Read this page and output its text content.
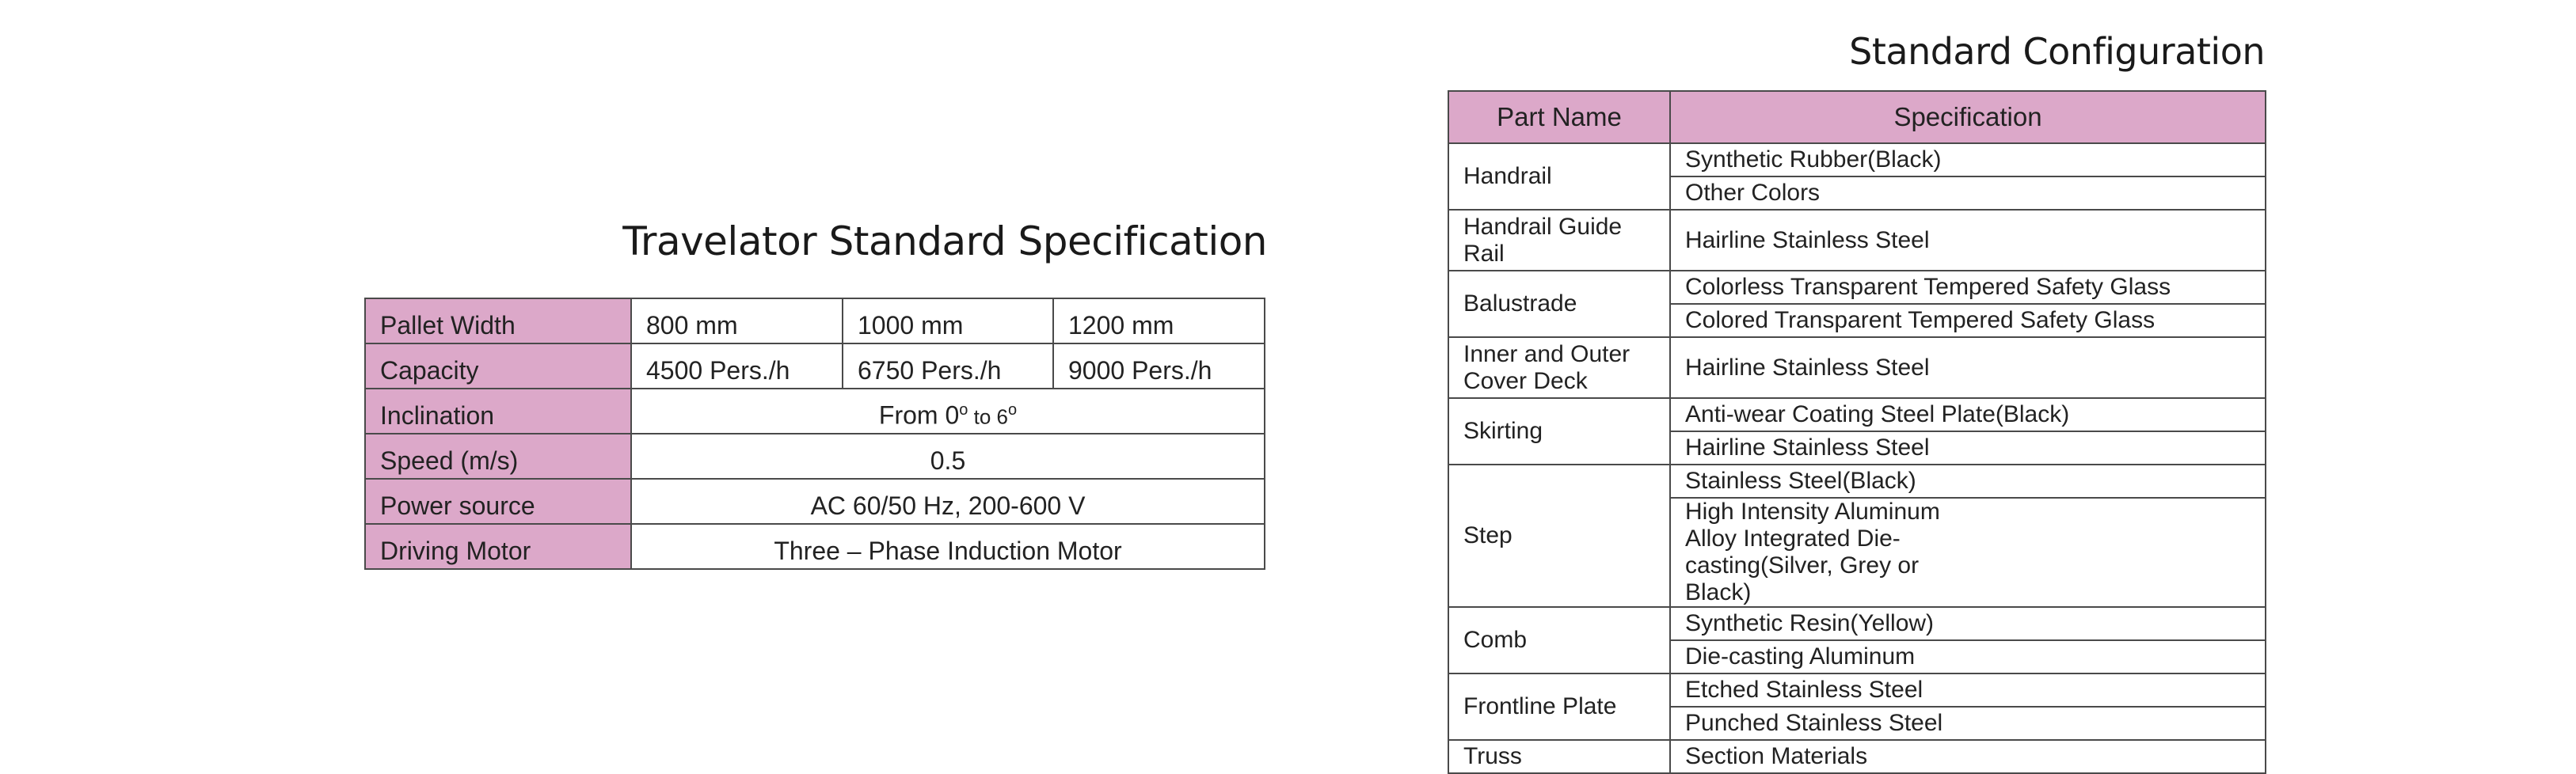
Travelator Standard Specification
Pallet Width	800 mm	1000 mm	1200 mm
Capacity	4500 Pers./h	6750 Pers./h	9000 Pers./h
Inclination	From 0$^o$ to 6$^o$
Speed (m/s)	0.5		
Power source	AC 60/50 Hz, 200-600 V		
Driving Motor	Three – Phase Induction Motor		
Standard Configuration
Part Name	Specification
Handrail	Synthetic Rubber(Black)
	Other Colors
Handrail Guide Rail	Hairline Stainless Steel
Balustrade	Colorless Transparent Tempered Safety Glass
	Colored Transparent Tempered Safety Glass
Inner and Outer Cover Deck	Hairline Stainless Steel
Skirting	Anti-wear Coating Steel Plate(Black)
	Hairline Stainless Steel
Step	Stainless Steel(Black)
	High Intensity Aluminum Alloy Integrated Die- casting(Silver, Grey or Black)
Comb	Synthetic Resin(Yellow)
	Die-casting Aluminum
Frontline Plate	Etched Stainless Steel
	Punched Stainless Steel
Truss	Section Materials
